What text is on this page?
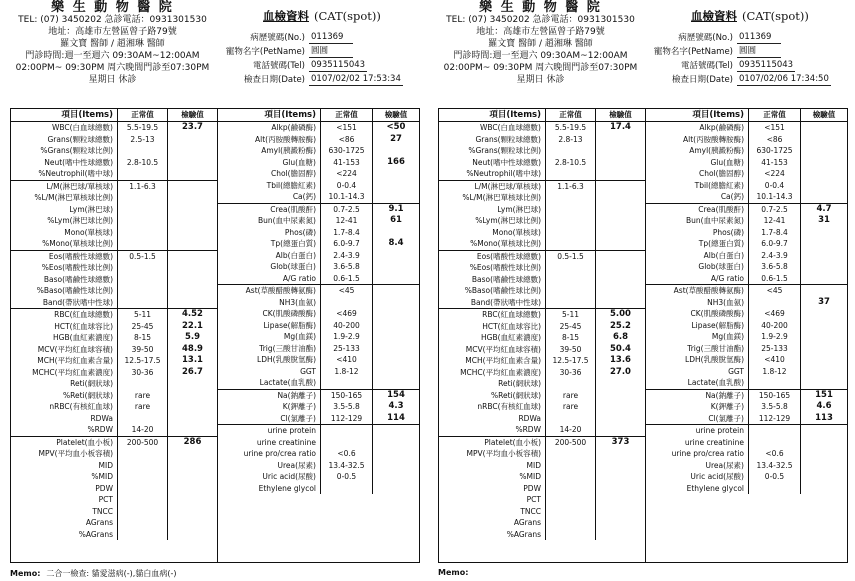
樂 生 動 物 醫 院
TEL: (07) 3450202 急診電話：0931301530
地址：高雄市左營區曾子路79號
羅文寶 醫師 / 趙湘琳 醫師
門診時間:週一至週六 09:30AM~12:00AM
02:00PM~ 09:30PM 周六晚間門診至07:30PM
星期日 休診
血檢資料 (CAT(spot))
病歷號碼(No.) 011369
寵物名字(PetName) 圓圓
電話號碼(Tel) 0935115043
檢查日期(Date) 0107/02/02 17:53:34
項目(Items)	正常值	檢驗值
WBC(白血球總數)	5.5-19.5	23.7
Grans(顆粒球總數)	2.5-13
%Grans(顆粒球比例)
Neut(嗜中性球總數)	2.8-10.5
%Neutrophil(嗜中球)
L/M(淋巴球/單核球)	1.1-6.3
%L/M(淋巴單核球比例)
Lym(淋巴球)
%Lym(淋巴球比例)
Mono(單核球)
%Mono(單核球比例)
Eos(嗜酸性球總數)	0.5-1.5
%Eos(嗜酸性球比例)
Baso(嗜鹼性球總數)
%Baso(嗜鹼性球比例)
Band(帶狀嗜中性球)
RBC(紅血球總數)	5-11	4.52
HCT(紅血球容比)	25-45	22.1
HGB(血紅素濃度)	8-15	5.9
MCV(平均紅血球容積)	39-50	48.9
MCH(平均紅血素含量)	12.5-17.5	13.1
MCHC(平均紅血素濃度)	30-36	26.7
Reti(網狀球)
%Reti(網狀球)	rare
nRBC(有核紅血球)	rare
RDWa
%RDW	14-20
Platelet(血小板)	200-500	286
MPV(平均血小板容積)
MID
%MID
PDW
PCT
TNCC
AGrans
%AGrans
項目(Items)	正常值	檢驗值
Alkp(鹼磷酶)	<151	<50
Alt(丙胺酸轉胺酶)	<86	27
Amyl(胰澱粉酶)	630-1725
Glu(血糖)	41-153	166
Chol(膽固醇)	<224
Tbil(總膽紅素)	0-0.4
Ca(鈣)	10.1-14.3
Crea(肌酸酐)	0.7-2.5	9.1
Bun(血中尿素氮)	12-41	61
Phos(磷)	1.7-8.4
Tp(總蛋白質)	6.0-9.7	8.4
Alb(白蛋白)	2.4-3.9
Glob(球蛋白)	3.6-5.8
A/G ratio	0.6-1.5
Ast(草酸醋酸轉氨酶)	<45
NH3(血氨)
CK(肌酸磷酸酶)	<469
Lipase(解脂酶)	40-200
Mg(血鎂)	1.9-2.9
Trig(三酸甘油酯)	25-133
LDH(乳酸脫氫酶)	<410
GGT	1.8-12
Lactate(血乳酸)
Na(鈉離子)	150-165	154
K(鉀離子)	3.5-5.8	4.3
Cl(氯離子)	112-129	114
urine protein
urine creatinine
urine pro/crea ratio	<0.6
Urea(尿素)	13.4-32.5
Uric acid(尿酸)	0-0.5
Ethylene glycol
Memo: 二合一檢查: 貓愛滋病(-),貓白血病(-)
樂 生 動 物 醫 院
TEL: (07) 3450202 急診電話：0931301530
地址：高雄市左營區曾子路79號
羅文寶 醫師 / 趙湘琳 醫師
門診時間:週一至週六 09:30AM~12:00AM
02:00PM~ 09:30PM 周六晚間門診至07:30PM
星期日 休診
血檢資料 (CAT(spot))
病歷號碼(No.) 011369
寵物名字(PetName) 圓圓
電話號碼(Tel) 0935115043
檢查日期(Date) 0107/02/06 17:34:50
項目(Items)	正常值	檢驗值
WBC(白血球總數)	5.5-19.5	17.4
Grans(顆粒球總數)	2.8-13
%Grans(顆粒球比例)
Neut(嗜中性球總數)	2.8-10.5
%Neutrophil(嗜中球)
L/M(淋巴球/單核球)	1.1-6.3
%L/M(淋巴單核球比例)
Lym(淋巴球)
%Lym(淋巴球比例)
Mono(單核球)
%Mono(單核球比例)
Eos(嗜酸性球總數)	0.5-1.5
%Eos(嗜酸性球比例)
Baso(嗜鹼性球總數)
%Baso(嗜鹼性球比例)
Band(帶狀嗜中性球)
RBC(紅血球總數)	5-11	5.00
HCT(紅血球容比)	25-45	25.2
HGB(血紅素濃度)	8-15	6.8
MCV(平均紅血球容積)	39-50	50.4
MCH(平均紅血素含量)	12.5-17.5	13.6
MCHC(平均紅血素濃度)	30-36	27.0
Reti(網狀球)
%Reti(網狀球)	rare
nRBC(有核紅血球)	rare
RDWa
%RDW	14-20
Platelet(血小板)	200-500	373
MPV(平均血小板容積)
MID
%MID
PDW
PCT
TNCC
AGrans
%AGrans
項目(Items)	正常值	檢驗值
Alkp(鹼磷酶)	<151
Alt(丙胺酸轉胺酶)	<86
Amyl(胰澱粉酶)	630-1725
Glu(血糖)	41-153
Chol(膽固醇)	<224
Tbil(總膽紅素)	0-0.4
Ca(鈣)	10.1-14.3
Crea(肌酸酐)	0.7-2.5	4.7
Bun(血中尿素氮)	12-41	31
Phos(磷)	1.7-8.4
Tp(總蛋白質)	6.0-9.7
Alb(白蛋白)	2.4-3.9
Glob(球蛋白)	3.6-5.8
A/G ratio	0.6-1.5
Ast(草酸醋酸轉氨酶)	<45
NH3(血氨)	37
CK(肌酸磷酸酶)	<469
Lipase(解脂酶)	40-200
Mg(血鎂)	1.9-2.9
Trig(三酸甘油酯)	25-133
LDH(乳酸脫氫酶)	<410
GGT	1.8-12
Lactate(血乳酸)
Na(鈉離子)	150-165	151
K(鉀離子)	3.5-5.8	4.6
Cl(氯離子)	112-129	113
urine protein
urine creatinine
urine pro/crea ratio	<0.6
Urea(尿素)	13.4-32.5
Uric acid(尿酸)	0-0.5
Ethylene glycol
Memo:
